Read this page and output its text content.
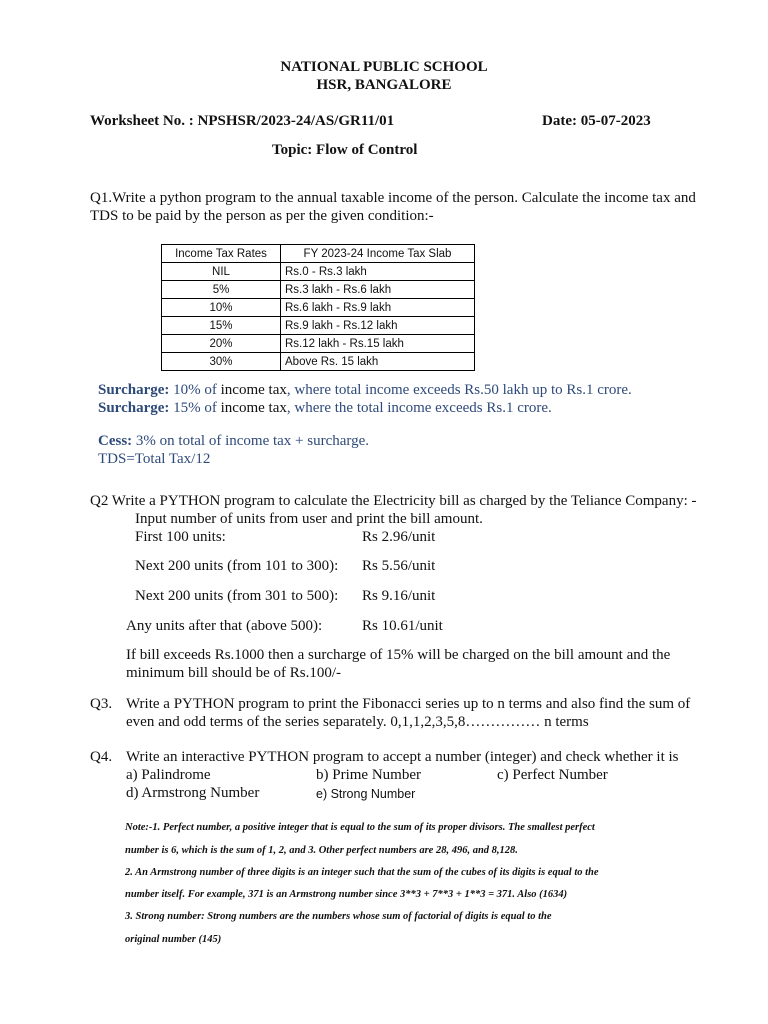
NATIONAL PUBLIC SCHOOL
HSR, BANGALORE
Worksheet No. : NPSHSR/2023-24/AS/GR11/01	Date: 05-07-2023
Topic: Flow of Control
Q1.Write a python program to the annual taxable income of the person. Calculate the income tax and
TDS to be paid by the person as per the given condition:-
Income Tax Rates	FY 2023-24 Income Tax Slab
NIL	Rs.0 - Rs.3 lakh
5%	Rs.3 lakh - Rs.6 lakh
10%	Rs.6 lakh - Rs.9 lakh
15%	Rs.9 lakh - Rs.12 lakh
20%	Rs.12 lakh - Rs.15 lakh
30%	Above Rs. 15 lakh
Surcharge: 10% of income tax, where total income exceeds Rs.50 lakh up to Rs.1 crore.
Surcharge: 15% of income tax, where the total income exceeds Rs.1 crore.
Cess: 3% on total of income tax + surcharge.
TDS=Total Tax/12
Q2 Write a PYTHON program to calculate the Electricity bill as charged by the Teliance Company: -
Input number of units from user and print the bill amount.
First 100 units:	Rs 2.96/unit
Next 200 units (from 101 to 300): Rs 5.56/unit
Next 200 units (from 301 to 500): Rs 9.16/unit
Any units after that (above 500):	Rs 10.61/unit
If bill exceeds Rs.1000 then a surcharge of 15% will be charged on the bill amount and the
minimum bill should be of Rs.100/-
Q3. Write a PYTHON program to print the Fibonacci series up to n terms and also find the sum of
even and odd terms of the series separately. 0,1,1,2,3,5,8…………… n terms
Q4. Write an interactive PYTHON program to accept a number (integer) and check whether it is
a) Palindrome	b) Prime Number	c) Perfect Number
d) Armstrong Number	e) Strong Number
Note:-1. Perfect number, a positive integer that is equal to the sum of its proper divisors. The smallest perfect
number is 6, which is the sum of 1, 2, and 3. Other perfect numbers are 28, 496, and 8,128.
2. An Armstrong number of three digits is an integer such that the sum of the cubes of its digits is equal to the
number itself. For example, 371 is an Armstrong number since 3**3 + 7**3 + 1**3 = 371. Also (1634)
3. Strong number: Strong numbers are the numbers whose sum of factorial of digits is equal to the
original number (145)
